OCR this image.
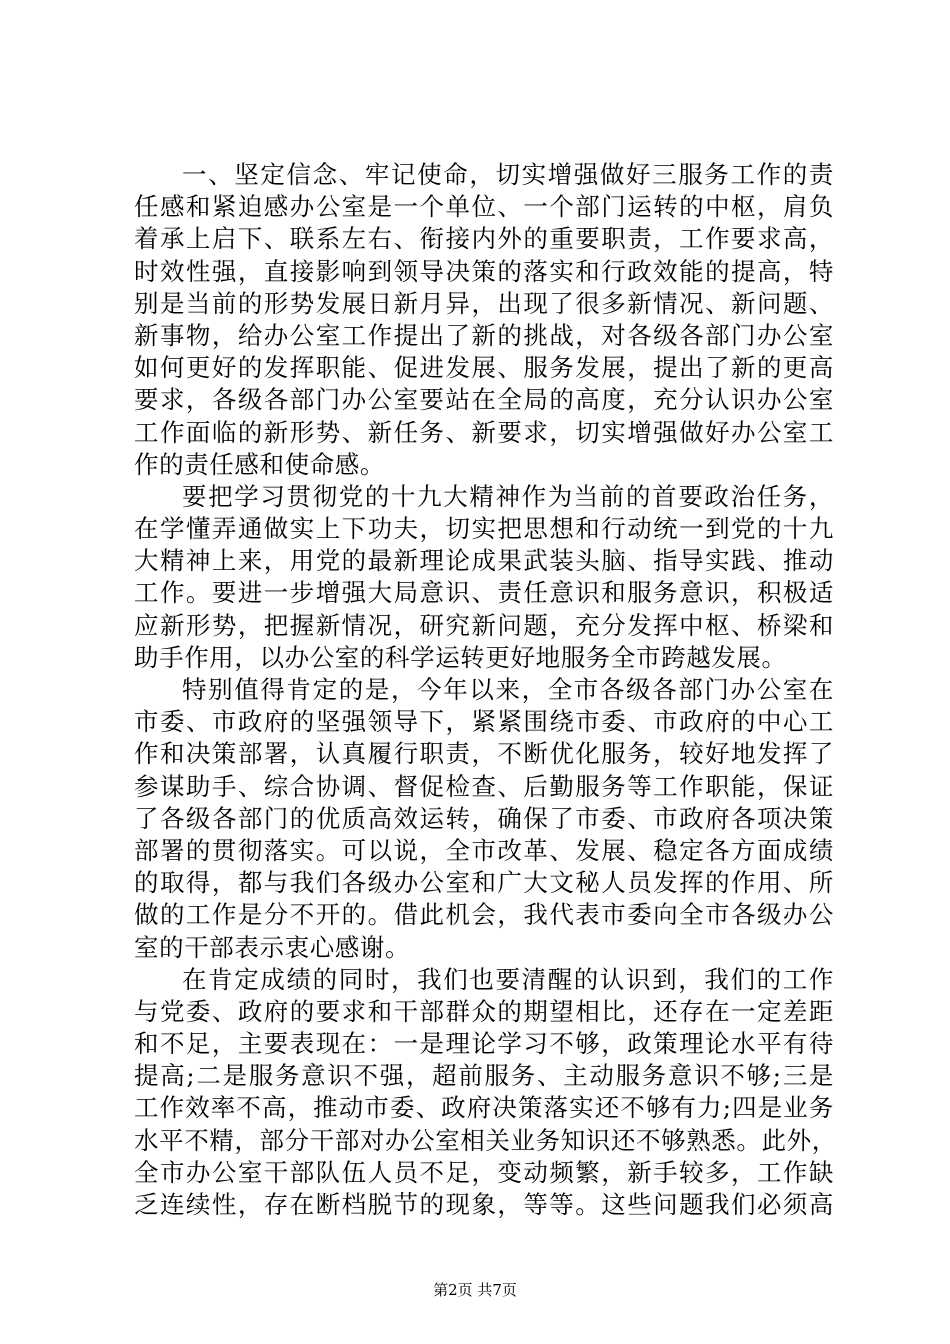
一、坚定信念、牢记使命，切实增强做好三服务工作的责
任感和紧迫感办公室是一个单位、一个部门运转的中枢，肩负
着承上启下、联系左右、衔接内外的重要职责，工作要求高，
时效性强，直接影响到领导决策的落实和行政效能的提高，特
别是当前的形势发展日新月异，出现了很多新情况、新问题、
新事物，给办公室工作提出了新的挑战，对各级各部门办公室
如何更好的发挥职能、促进发展、服务发展，提出了新的更高
要求，各级各部门办公室要站在全局的高度，充分认识办公室
工作面临的新形势、新任务、新要求，切实增强做好办公室工
作的责任感和使命感。
要把学习贯彻党的十九大精神作为当前的首要政治任务，
在学懂弄通做实上下功夫，切实把思想和行动统一到党的十九
大精神上来，用党的最新理论成果武装头脑、指导实践、推动
工作。要进一步增强大局意识、责任意识和服务意识，积极适
应新形势，把握新情况，研究新问题，充分发挥中枢、桥梁和
助手作用，以办公室的科学运转更好地服务全市跨越发展。
特别值得肯定的是，今年以来，全市各级各部门办公室在
市委、市政府的坚强领导下，紧紧围绕市委、市政府的中心工
作和决策部署，认真履行职责，不断优化服务，较好地发挥了
参谋助手、综合协调、督促检查、后勤服务等工作职能，保证
了各级各部门的优质高效运转，确保了市委、市政府各项决策
部署的贯彻落实。可以说，全市改革、发展、稳定各方面成绩
的取得，都与我们各级办公室和广大文秘人员发挥的作用、所
做的工作是分不开的。借此机会，我代表市委向全市各级办公
室的干部表示衷心感谢。
在肯定成绩的同时，我们也要清醒的认识到，我们的工作
与党委、政府的要求和干部群众的期望相比，还存在一定差距
和不足，主要表现在：一是理论学习不够，政策理论水平有待
提高;二是服务意识不强，超前服务、主动服务意识不够;三是
工作效率不高，推动市委、政府决策落实还不够有力;四是业务
水平不精，部分干部对办公室相关业务知识还不够熟悉。此外，
全市办公室干部队伍人员不足，变动频繁，新手较多，工作缺
乏连续性，存在断档脱节的现象，等等。这些问题我们必须高
第2页 共7页
